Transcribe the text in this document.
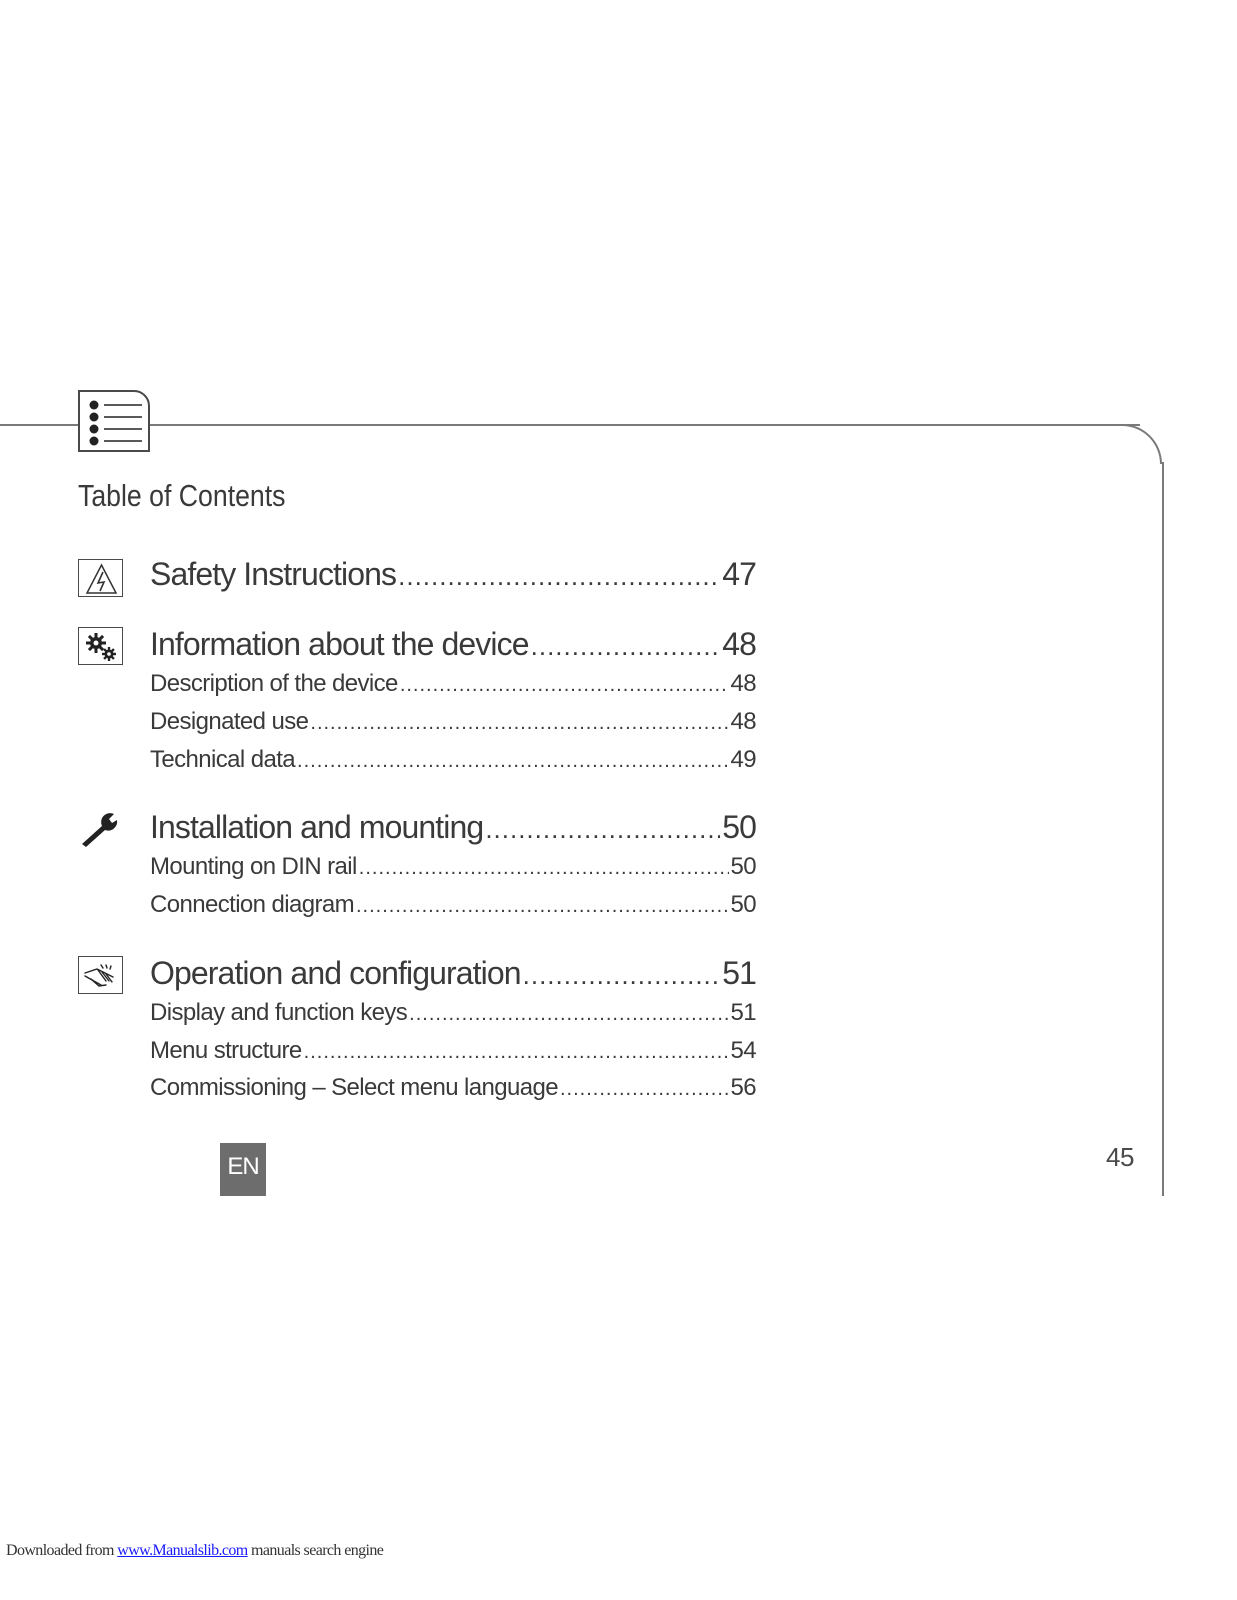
Table of Contents
Safety Instructions .....	47
Information about the device .....	48
Description of the device .....	48
Designated use .....	48
Technical data .....	49
Installation and mounting .....	50
Mounting on DIN rail .....	50
Connection diagram .....	50
Operation and configuration .....	51
Display and function keys .....	51
Menu structure .....	54
Commissioning – Select menu language .....	56
EN	45
Downloaded from www.Manualslib.com manuals search engine
